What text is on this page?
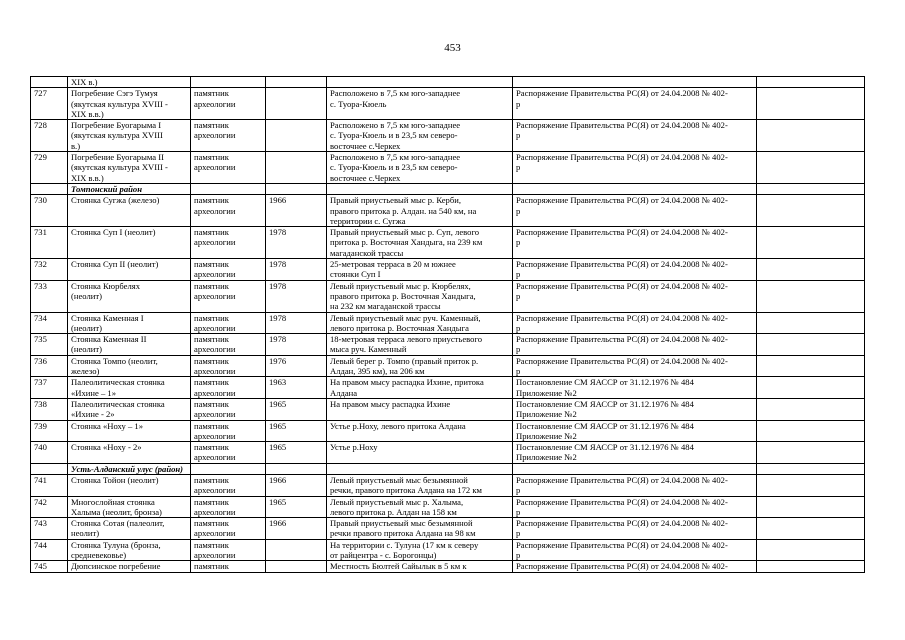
453

	XIX в.)					

727	Погребение Сэгэ Тумуя
(якутская культура XVIII -
XIX в.в.)	памятник
археологии		Расположено в 7,5 км юго-западнее
с. Туора-Кюель	Распоряжение Правительства РС(Я) от 24.04.2008 № 402-
р	

728	Погребение Буогарыма I
(якутская культура XVIII
в.)	памятник
археологии		Расположено в 7,5 км юго-западнее
с. Туора-Кюель и в 23,5 км северо-
восточнее с.Черкех	Распоряжение Правительства РС(Я) от 24.04.2008 № 402-
р	

729	Погребение Буогарыма II
(якутская культура XVIII -
XIX в.в.)	памятник
археологии		Расположено в 7,5 км юго-западнее
с. Туора-Кюель и в 23,5 км северо-
восточнее с.Черкех	Распоряжение Правительства РС(Я) от 24.04.2008 № 402-
р	

	Томпонский район					

730	Стоянка Сугжа (железо)	памятник
археологии	1966	Правый приустьевый мыс р. Керби,
правого притока р. Алдан. на 540 км, на
территории с. Сугжа	Распоряжение Правительства РС(Я) от 24.04.2008 № 402-
р	

731	Стоянка Суп I (неолит)	памятник
археологии	1978	Правый приустьевый мыс р. Суп, левого
притока р. Восточная Хандыга, на 239 км
магаданской трассы	Распоряжение Правительства РС(Я) от 24.04.2008 № 402-
р	

732	Стоянка Суп II (неолит)	памятник
археологии	1978	25-метровая терраса в 20 м южнее
стоянки Суп I	Распоряжение Правительства РС(Я) от 24.04.2008 № 402-
р	

733	Стоянка Кюрбелях
(неолит)	памятник
археологии	1978	Левый приустьевый мыс р. Кюрбелях,
правого притока р. Восточная Хандыга,
на 232 км магаданской трассы	Распоряжение Правительства РС(Я) от 24.04.2008 № 402-
р	

734	Стоянка Каменная I
(неолит)	памятник
археологии	1978	Левый приустьевый мыс руч. Каменный,
левого притока р. Восточная Хандыга	Распоряжение Правительства РС(Я) от 24.04.2008 № 402-
р	

735	Стоянка Каменная II
(неолит)	памятник
археологии	1978	18-метровая терраса левого приустьевого
мыса руч. Каменный	Распоряжение Правительства РС(Я) от 24.04.2008 № 402-
р	

736	Стоянка Томпо (неолит,
железо)	памятник
археологии	1976	Левый берег р. Томпо (правый приток р.
Алдан, 395 км), на 206 км	Распоряжение Правительства РС(Я) от 24.04.2008 № 402-
р	

737	Палеолитическая стоянка
«Ихине – 1»	памятник
археологии	1963	На правом мысу распадка Ихине, притока
Алдана	Постановление СМ ЯАССР от 31.12.1976 № 484
Приложение №2	

738	Палеолитическая стоянка
«Ихине - 2»	памятник
археологии	1965	На правом мысу распадка Ихине	Постановление СМ ЯАССР от 31.12.1976 № 484
Приложение №2	

739	Стоянка «Ноху – 1»	памятник
археологии	1965	Устье р.Ноху, левого притока Алдана	Постановление СМ ЯАССР от 31.12.1976 № 484
Приложение №2	

740	Стоянка «Ноху - 2»	памятник
археологии	1965	Устье р.Ноху	Постановление СМ ЯАССР от 31.12.1976 № 484
Приложение №2	

	Усть-Алданский улус (район)					

741	Стоянка Тойон (неолит)	памятник
археологии	1966	Левый приустьевый мыс безымянной
речки, правого притока Алдана на 172 км	Распоряжение Правительства РС(Я) от 24.04.2008 № 402-
р	

742	Многослойная стоянка
Халыма (неолит, бронза)	памятник
археологии	1965	Левый приустьевый мыс р. Халыма,
левого притока р. Алдан на 158 км	Распоряжение Правительства РС(Я) от 24.04.2008 № 402-
р	

743	Стоянка Сотая (палеолит,
неолит)	памятник
археологии	1966	Правый приустьевый мыс безымянной
речки правого притока Алдана на 98 км	Распоряжение Правительства РС(Я) от 24.04.2008 № 402-
р	

744	Стоянка Тулуна (бронза,
средневековье)	памятник
археологии		На территории с. Тулуна (17 км к северу
от райцентра - с. Борогонцы)	Распоряжение Правительства РС(Я) от 24.04.2008 № 402-
р	

745	Дюпсинское погребение	памятник		Местность Бюлтей Сайылык в 5 км к	Распоряжение Правительства РС(Я) от 24.04.2008 № 402-	
